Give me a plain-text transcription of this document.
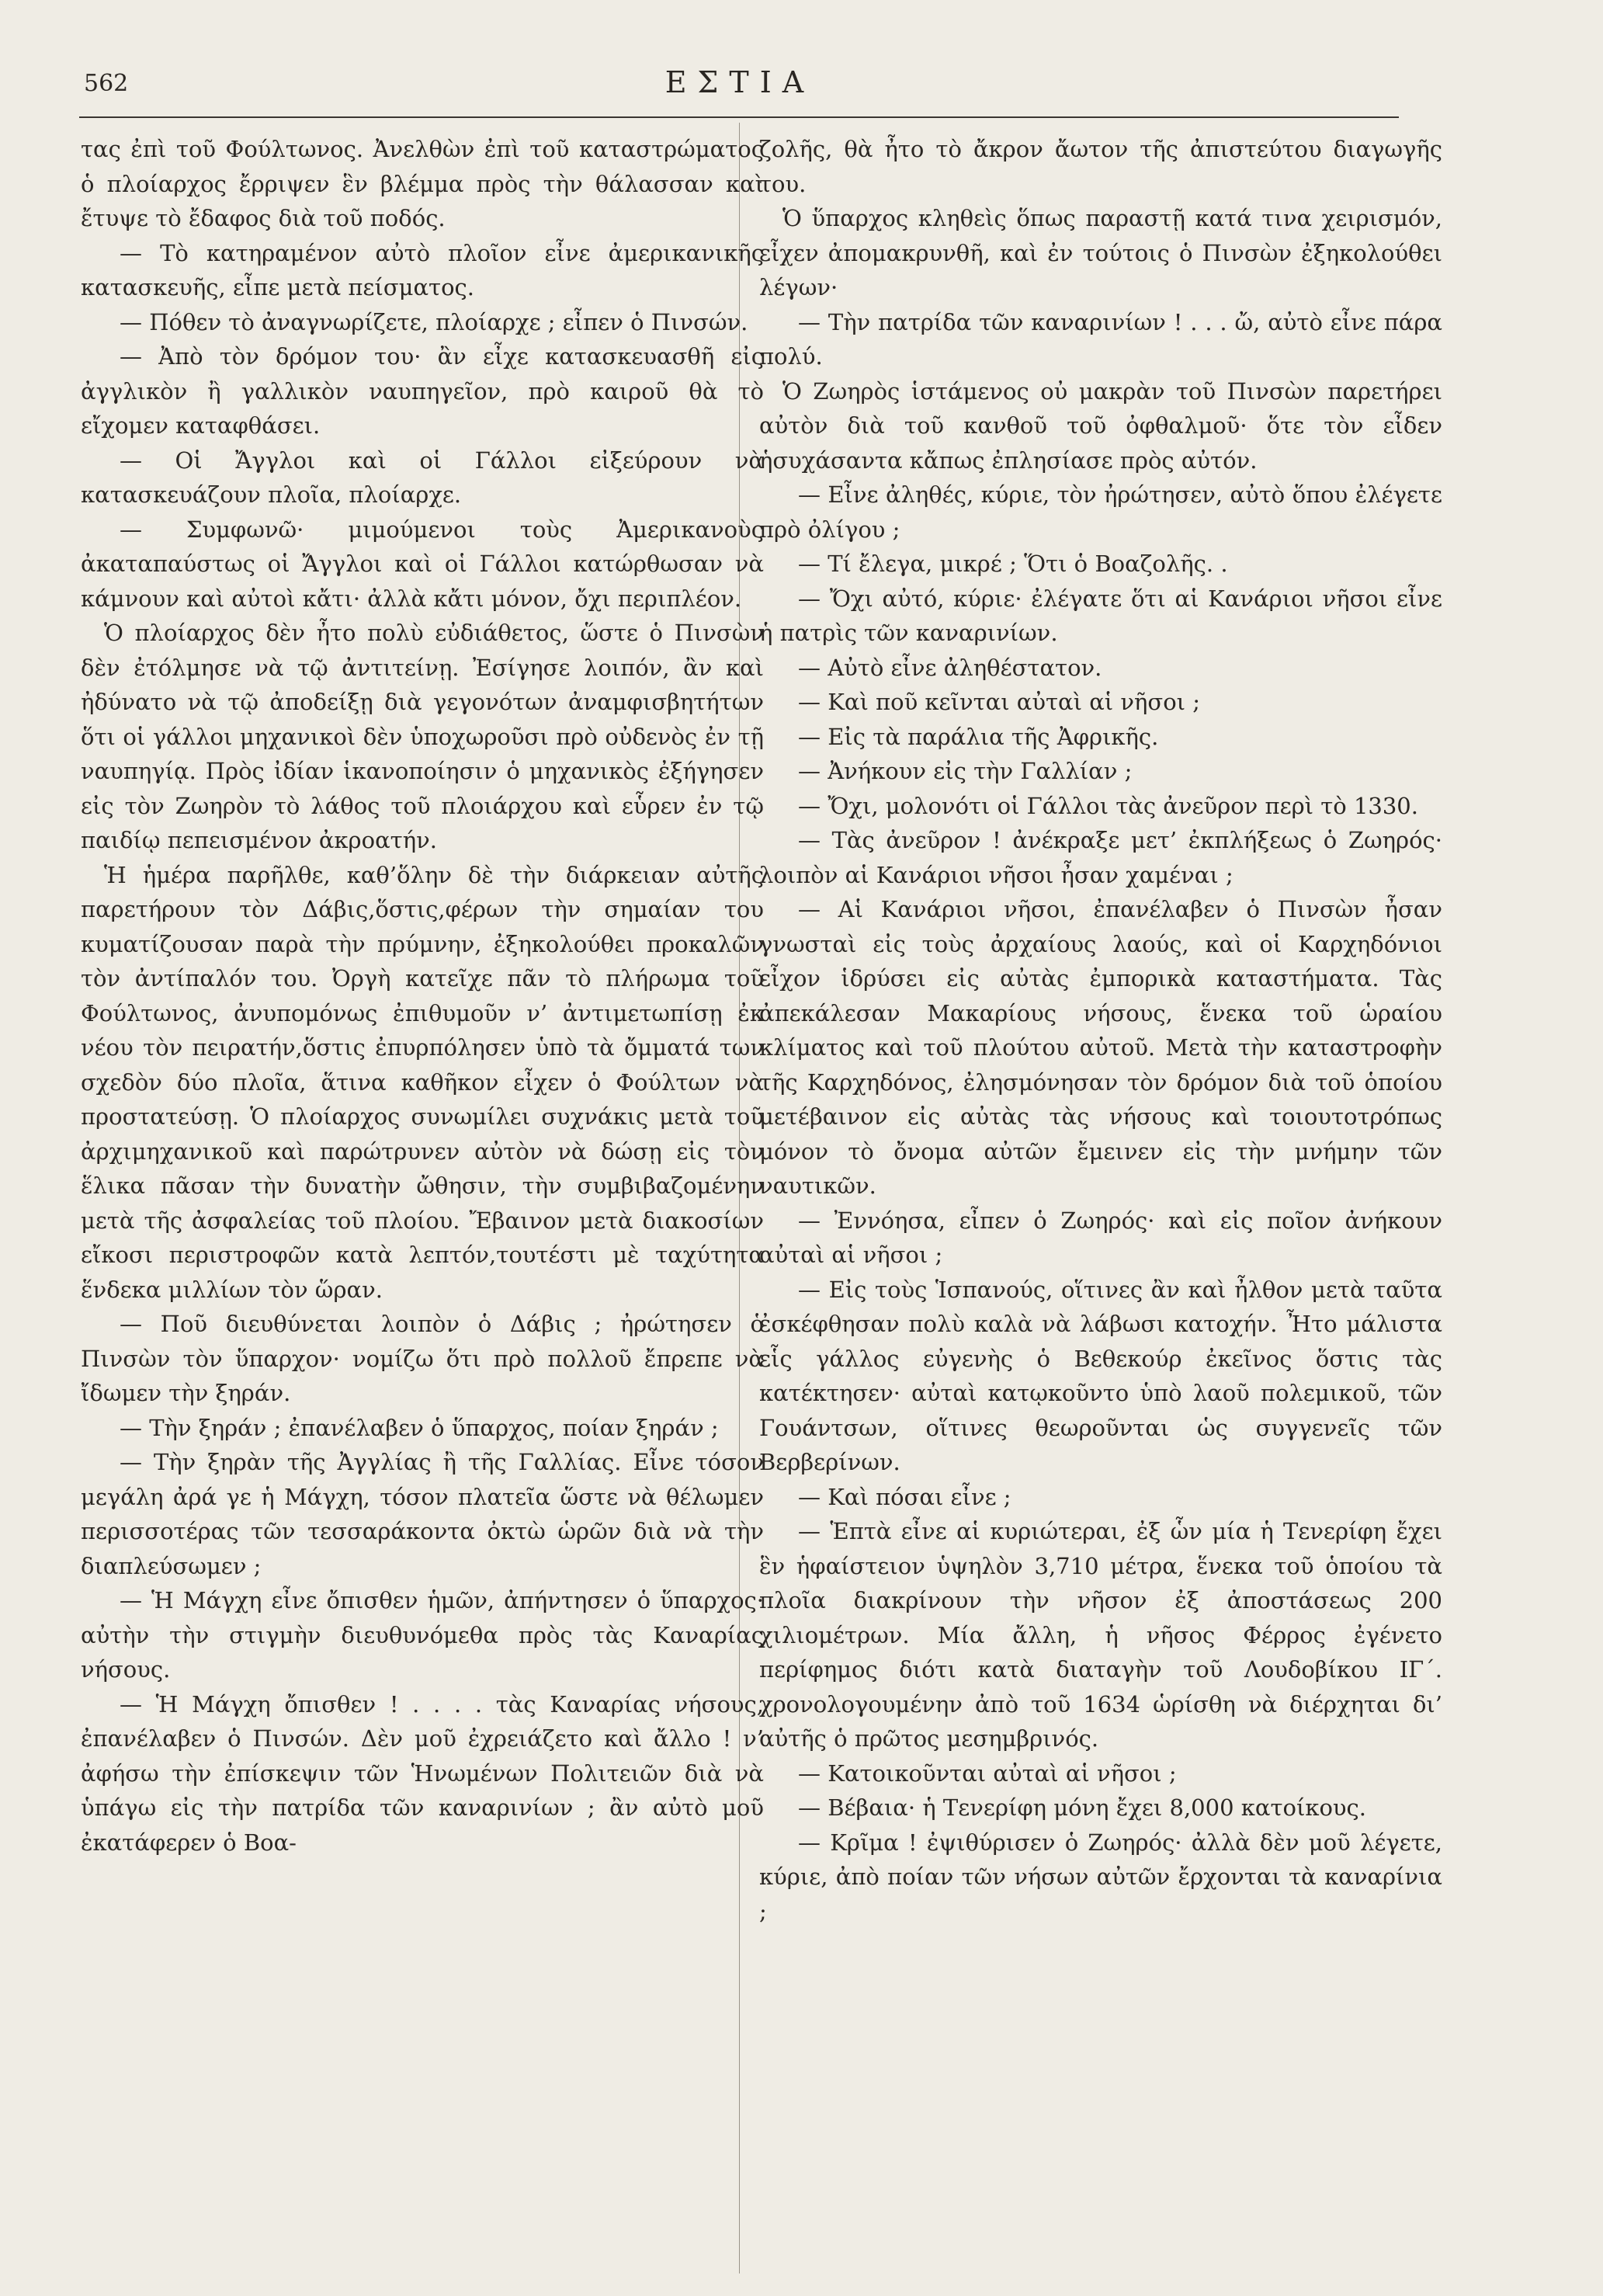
562	ΕΣΤΙΑ

τας ἐπὶ τοῦ Φούλτωνος. Ἀνελθὼν ἐπὶ τοῦ καταστρώματος ὁ πλοίαρχος ἔρριψεν ἓν βλέμμα πρὸς τὴν θάλασσαν καὶ ἔτυψε τὸ ἔδαφος διὰ τοῦ ποδός.

— Τὸ κατηραμένον αὐτὸ πλοῖον εἶνε ἀμερικανικῆς κατασκευῆς, εἶπε μετὰ πείσματος.

— Πόθεν τὸ ἀναγνωρίζετε, πλοίαρχε ; εἶπεν ὁ Πινσών.

— Ἀπὸ τὸν δρόμον του· ἂν εἶχε κατασκευασθῆ εἰς ἀγγλικὸν ἢ γαλλικὸν ναυπηγεῖον, πρὸ καιροῦ θὰ τὸ εἴχομεν καταφθάσει.

— Οἱ Ἄγγλοι καὶ οἱ Γάλλοι εἰξεύρουν νὰ κατασκευάζουν πλοῖα, πλοίαρχε.

— Συμφωνῶ· μιμούμενοι τοὺς Ἀμερικανοὺς ἀκαταπαύστως οἱ Ἄγγλοι καὶ οἱ Γάλλοι κατώρθωσαν νὰ κάμνουν καὶ αὐτοὶ κἄτι· ἀλλὰ κἄτι μόνον, ὄχι περιπλέον.

Ὁ πλοίαρχος δὲν ἦτο πολὺ εὐδιάθετος, ὥστε ὁ Πινσὼν δὲν ἐτόλμησε νὰ τῷ ἀντιτείνῃ. Ἐσίγησε λοιπόν, ἂν καὶ ἠδύνατο νὰ τῷ ἀποδείξῃ διὰ γεγονότων ἀναμφισβητήτων ὅτι οἱ γάλλοι μηχανικοὶ δὲν ὑποχωροῦσι πρὸ οὐδενὸς ἐν τῇ ναυπηγίᾳ. Πρὸς ἰδίαν ἱκανοποίησιν ὁ μηχανικὸς ἐξήγησεν εἰς τὸν Ζωηρὸν τὸ λάθος τοῦ πλοιάρχου καὶ εὗρεν ἐν τῷ παιδίῳ πεπεισμένον ἀκροατήν.

Ἡ ἡμέρα παρῆλθε, καθ’ὅλην δὲ τὴν διάρκειαν αὐτῆς παρετήρουν τὸν Δάβις,ὅστις,φέρων τὴν σημαίαν του κυματίζουσαν παρὰ τὴν πρύμνην, ἐξηκολούθει προκαλῶν τὸν ἀντίπαλόν του. Ὀργὴ κατεῖχε πᾶν τὸ πλήρωμα τοῦ Φούλτωνος, ἀνυπομόνως ἐπιθυμοῦν ν’ ἀντιμετωπίσῃ ἐκ νέου τὸν πειρατήν,ὅστις ἐπυρπόλησεν ὑπὸ τὰ ὄμματά των σχεδὸν δύο πλοῖα, ἅτινα καθῆκον εἶχεν ὁ Φούλτων νὰ προστατεύσῃ. Ὁ πλοίαρχος συνωμίλει συχνάκις μετὰ τοῦ ἀρχιμηχανικοῦ καὶ παρώτρυνεν αὐτὸν νὰ δώσῃ εἰς τὸν ἕλικα πᾶσαν τὴν δυνατὴν ὤθησιν, τὴν συμβιβαζομένην μετὰ τῆς ἀσφαλείας τοῦ πλοίου. Ἔβαινον μετὰ διακοσίων εἴκοσι περιστροφῶν κατὰ λεπτόν,τουτέστι μὲ ταχύτητα ἕνδεκα μιλλίων τὸν ὥραν.

— Ποῦ διευθύνεται λοιπὸν ὁ Δάβις ; ἠρώτησεν ὁ Πινσὼν τὸν ὕπαρχον· νομίζω ὅτι πρὸ πολλοῦ ἔπρεπε νὰ ἴδωμεν τὴν ξηράν.

— Τὴν ξηράν ; ἐπανέλαβεν ὁ ὕπαρχος, ποίαν ξηράν ;

— Τὴν ξηρὰν τῆς Ἀγγλίας ἢ τῆς Γαλλίας. Εἶνε τόσον μεγάλη ἀρά γε ἡ Μάγχη, τόσον πλατεῖα ὥστε νὰ θέλωμεν περισσοτέρας τῶν τεσσαράκοντα ὀκτὼ ὡρῶν διὰ νὰ τὴν διαπλεύσωμεν ;

— Ἡ Μάγχη εἶνε ὄπισθεν ἡμῶν, ἀπήντησεν ὁ ὕπαρχος· αὐτὴν τὴν στιγμὴν διευθυνόμεθα πρὸς τὰς Καναρίας νήσους.

— Ἡ Μάγχη ὄπισθεν ! . . . . τὰς Καναρίας νήσους, ἐπανέλαβεν ὁ Πινσών. Δὲν μοῦ ἐχρειάζετο καὶ ἄλλο ! ν’ ἀφήσω τὴν ἐπίσκεψιν τῶν Ἡνωμένων Πολιτειῶν διὰ νὰ ὑπάγω εἰς τὴν πατρίδα τῶν καναρινίων ; ἂν αὐτὸ μοῦ ἐκατάφερεν ὁ Βοα-

ζολῆς, θὰ ἦτο τὸ ἄκρον ἄωτον τῆς ἀπιστεύτου διαγωγῆς του.

Ὁ ὕπαρχος κληθεὶς ὅπως παραστῇ κατά τινα χειρισμόν, εἶχεν ἀπομακρυνθῆ, καὶ ἐν τούτοις ὁ Πινσὼν ἐξηκολούθει λέγων·

— Τὴν πατρίδα τῶν καναρινίων ! . . . ὤ, αὐτὸ εἶνε πάρα πολύ.

Ὁ Ζωηρὸς ἱστάμενος οὐ μακρὰν τοῦ Πινσὼν παρετήρει αὐτὸν διὰ τοῦ κανθοῦ τοῦ ὀφθαλμοῦ· ὅτε τὸν εἶδεν ἡσυχάσαντα κἄπως ἐπλησίασε πρὸς αὐτόν.

— Εἶνε ἀληθές, κύριε, τὸν ἠρώτησεν, αὐτὸ ὅπου ἐλέγετε πρὸ ὀλίγου ;

— Τί ἔλεγα, μικρέ ; Ὅτι ὁ Βοαζολῆς. .

— Ὄχι αὐτό, κύριε· ἐλέγατε ὅτι αἱ Κανάριοι νῆσοι εἶνε ἡ πατρὶς τῶν καναρινίων.

— Αὐτὸ εἶνε ἀληθέστατον.

— Καὶ ποῦ κεῖνται αὐταὶ αἱ νῆσοι ;

— Εἰς τὰ παράλια τῆς Ἀφρικῆς.

— Ἀνήκουν εἰς τὴν Γαλλίαν ;

— Ὄχι, μολονότι οἱ Γάλλοι τὰς ἀνεῦρον περὶ τὸ 1330.

— Τὰς ἀνεῦρον ! ἀνέκραξε μετ’ ἐκπλήξεως ὁ Ζωηρός· λοιπὸν αἱ Κανάριοι νῆσοι ἦσαν χαμέναι ;

— Αἱ Κανάριοι νῆσοι, ἐπανέλαβεν ὁ Πινσὼν ἦσαν γνωσταὶ εἰς τοὺς ἀρχαίους λαούς, καὶ οἱ Καρχηδόνιοι εἶχον ἱδρύσει εἰς αὐτὰς ἐμπορικὰ καταστήματα. Τὰς ἀπεκάλεσαν Μακαρίους νήσους, ἕνεκα τοῦ ὡραίου κλίματος καὶ τοῦ πλούτου αὐτοῦ. Μετὰ τὴν καταστροφὴν τῆς Καρχηδόνος, ἐλησμόνησαν τὸν δρόμον διὰ τοῦ ὁποίου μετέβαινον εἰς αὐτὰς τὰς νήσους καὶ τοιουτοτρόπως μόνον τὸ ὄνομα αὐτῶν ἔμεινεν εἰς τὴν μνήμην τῶν ναυτικῶν.

— Ἐννόησα, εἶπεν ὁ Ζωηρός· καὶ εἰς ποῖον ἀνήκουν αὐταὶ αἱ νῆσοι ;

— Εἰς τοὺς Ἱσπανούς, οἵτινες ἂν καὶ ἦλθον μετὰ ταῦτα ἐσκέφθησαν πολὺ καλὰ νὰ λάβωσι κατοχήν. Ἦτο μάλιστα εἷς γάλλος εὐγενὴς ὁ Βεθεκούρ ἐκεῖνος ὅστις τὰς κατέκτησεν· αὐταὶ κατῳκοῦντο ὑπὸ λαοῦ πολεμικοῦ, τῶν Γουάντσων, οἵτινες θεωροῦνται ὡς συγγενεῖς τῶν Βερβερίνων.

— Καὶ πόσαι εἶνε ;

— Ἑπτὰ εἶνε αἱ κυριώτεραι, ἐξ ὧν μία ἡ Τενερίφη ἔχει ἓν ἡφαίστειον ὑψηλὸν 3,710 μέτρα, ἕνεκα τοῦ ὁποίου τὰ πλοῖα διακρίνουν τὴν νῆσον ἐξ ἀποστάσεως 200 χιλιομέτρων. Μία ἄλλη, ἡ νῆσος Φέρρος ἐγένετο περίφημος διότι κατὰ διαταγὴν τοῦ Λουδοβίκου ΙΓ΄. χρονολογουμένην ἀπὸ τοῦ 1634 ὡρίσθη νὰ διέρχηται δι’ αὐτῆς ὁ πρῶτος μεσημβρινός.

— Κατοικοῦνται αὐταὶ αἱ νῆσοι ;

— Βέβαια· ἡ Τενερίφη μόνη ἔχει 8,000 κατοίκους.

— Κρῖμα ! ἐψιθύρισεν ὁ Ζωηρός· ἀλλὰ δὲν μοῦ λέγετε, κύριε, ἀπὸ ποίαν τῶν νήσων αὐτῶν ἔρχονται τὰ καναρίνια ;
